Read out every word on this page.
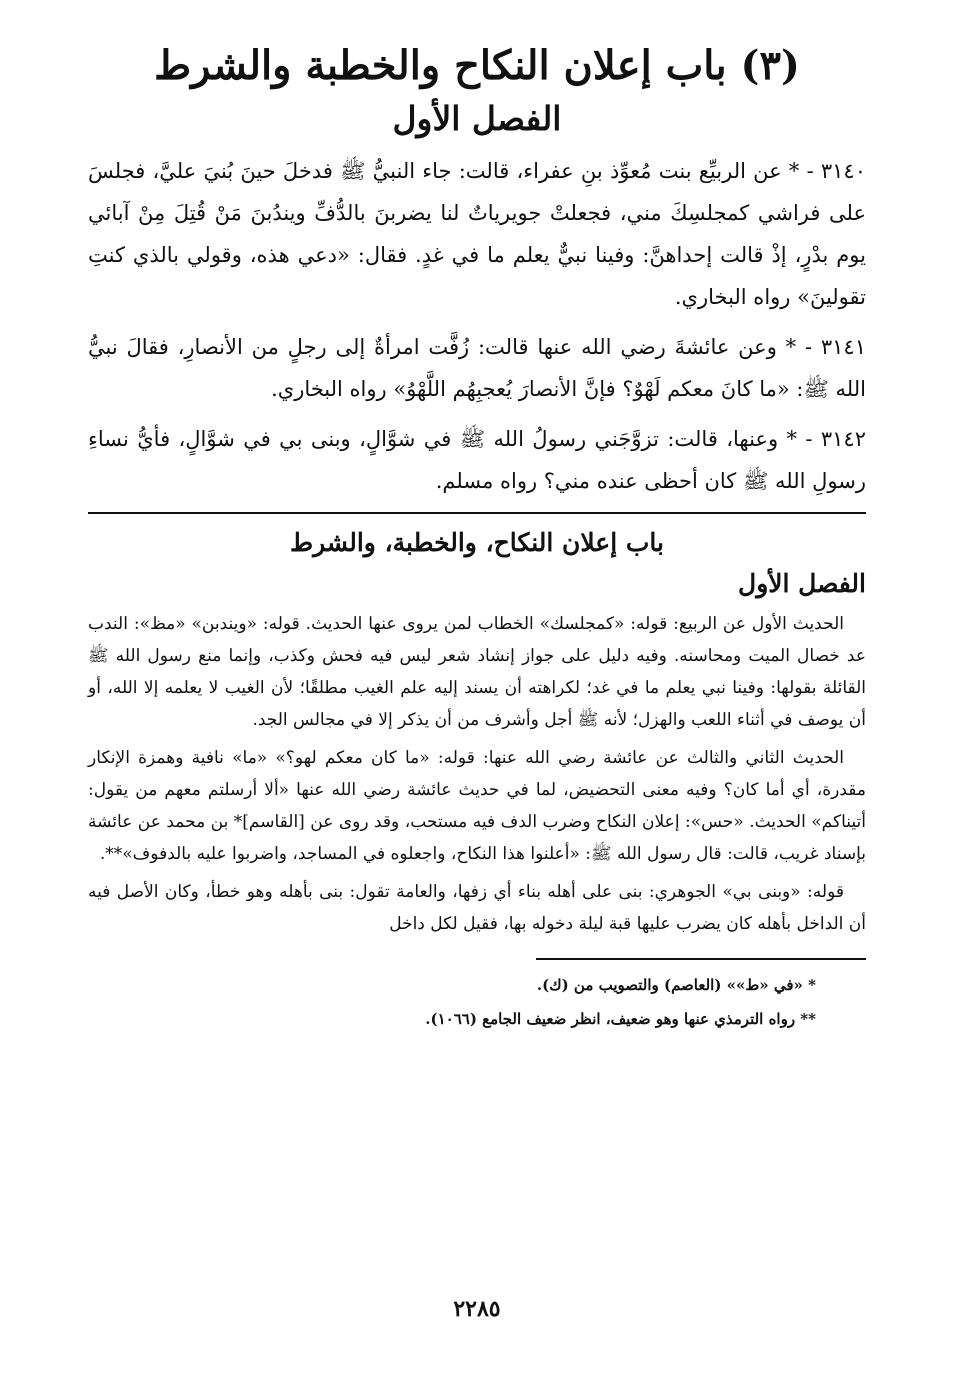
(٣) باب إعلان النكاح والخطبة والشرط
الفصل الأول

٣١٤٠ - * عن الربيِّع بنت مُعوِّذ بنِ عفراء، قالت: جاء النبيُّ ﷺ فدخلَ حينَ بُنيَ عليَّ، فجلسَ على فراشي كمجلسِكَ مني، فجعلتْ جويرياتٌ لنا يضربنَ بالدُّفِّ ويندُبنَ مَنْ قُتِلَ مِنْ آبائي يوم بدْرٍ، إذْ قالت إحداهنَّ: وفينا نبيٌّ يعلم ما في غدٍ. فقال: «دعي هذه، وقولي بالذي كنتِ تقولينَ» رواه البخاري.

٣١٤١ - * وعن عائشةَ رضي الله عنها قالت: زُفَّت امرأةٌ إلى رجلٍ من الأنصارِ، فقالَ نبيُّ الله ﷺ: «ما كانَ معكم لَهْوٌ؟ فإنَّ الأنصارَ يُعجبِهُم اللَّهْوُ» رواه البخاري.

٣١٤٢ - * وعنها، قالت: تزوَّجَني رسولُ الله ﷺ في شوَّالٍ، وبنى بي في شوَّالٍ، فأيُّ نساءِ رسولِ الله ﷺ كان أحظى عنده مني؟ رواه مسلم.

باب إعلان النكاح، والخطبة، والشرط
الفصل الأول

الحديث الأول عن الربيع: قوله: «كمجلسك» الخطاب لمن يروى عنها الحديث. قوله: «ويندبن» «مظ»: الندب عد خصال الميت ومحاسنه. وفيه دليل على جواز إنشاد شعر ليس فيه فحش وكذب، وإنما منع رسول الله ﷺ القائلة بقولها: وفينا نبي يعلم ما في غد؛ لكراهته أن يسند إليه علم الغيب مطلقًا؛ لأن الغيب لا يعلمه إلا الله، أو أن يوصف في أثناء اللعب والهزل؛ لأنه ﷺ أجل وأشرف من أن يذكر إلا في مجالس الجد.

الحديث الثاني والثالث عن عائشة رضي الله عنها: قوله: «ما كان معكم لهو؟» «ما» نافية وهمزة الإنكار مقدرة، أي أما كان؟ وفيه معنى التحضيض، لما في حديث عائشة رضي الله عنها «ألا أرسلتم معهم من يقول: أتيناكم» الحديث. «حس»: إعلان النكاح وضرب الدف فيه مستحب، وقد روى عن [القاسم]* بن محمد عن عائشة بإسناد غريب، قالت: قال رسول الله ﷺ: «أعلنوا هذا النكاح، واجعلوه في المساجد، واضربوا عليه بالدفوف»**.

قوله: «وبنى بي» الجوهري: بنى على أهله بناء أي زفها، والعامة تقول: بنى بأهله وهو خطأ، وكان الأصل فيه أن الداخل بأهله كان يضرب عليها قبة ليلة دخوله بها، فقيل لكل داخل

* «في «ط»» (العاصم) والتصويب من (ك).

** رواه الترمذي عنها وهو ضعيف، انظر ضعيف الجامع (١٠٦٦).

٢٢٨٥
